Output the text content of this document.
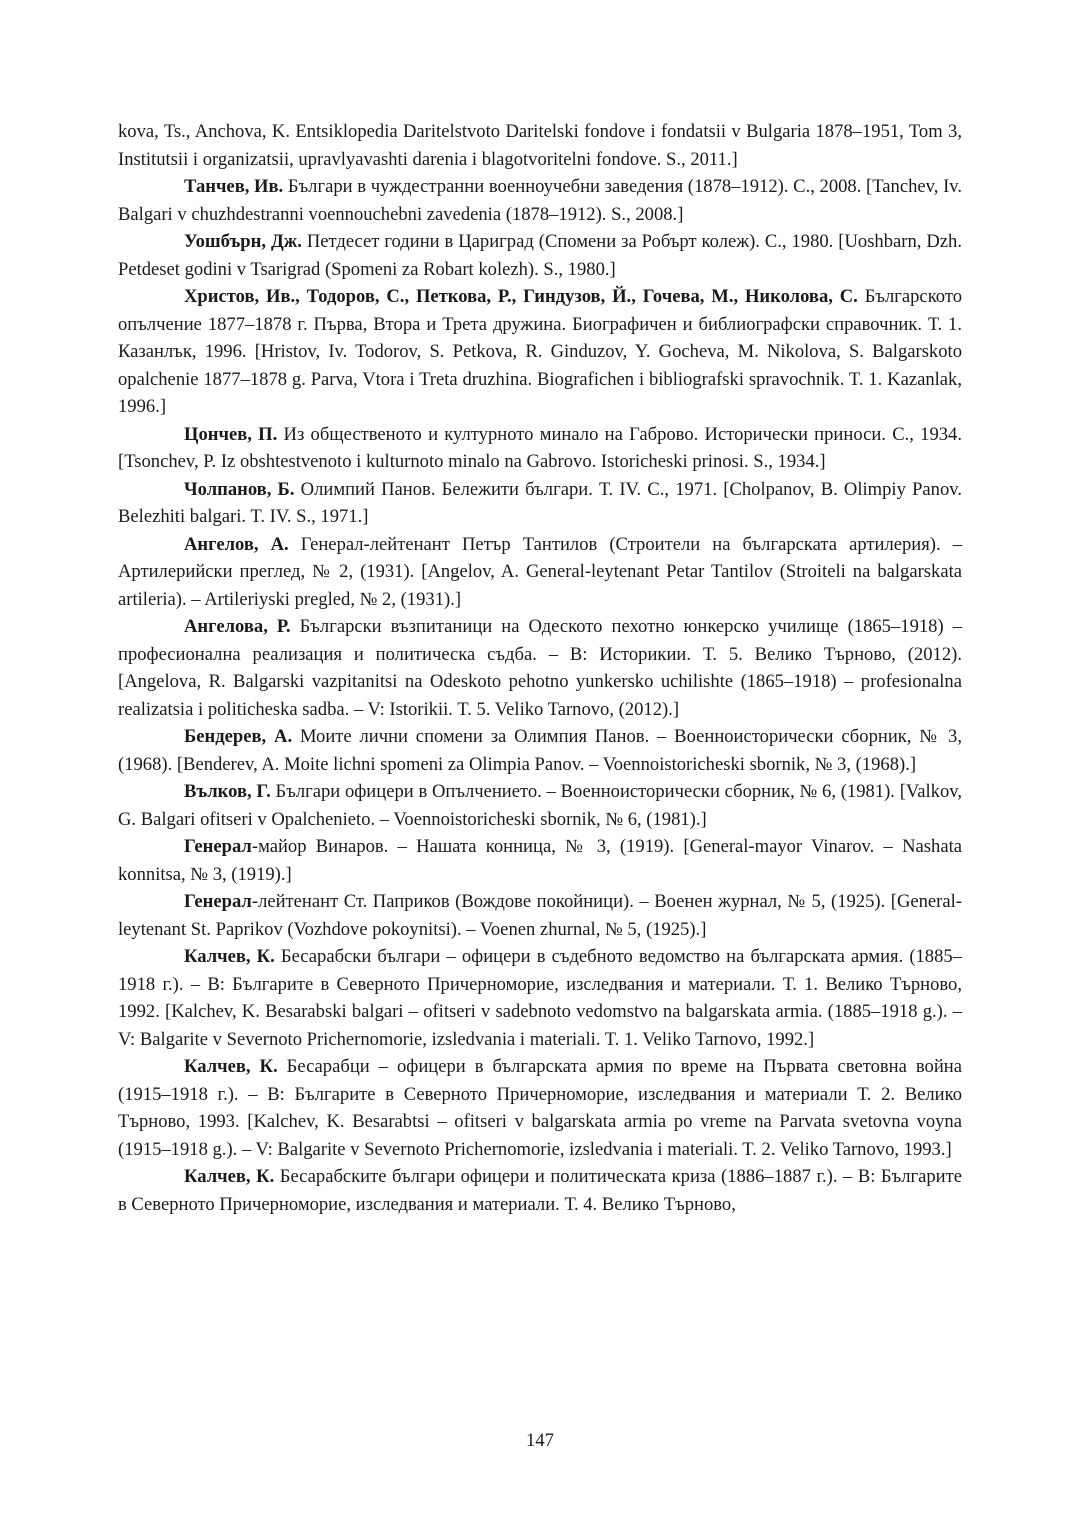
kova, Ts., Anchova, K. Entsiklopedia Daritelstvoto Daritelski fondove i fondatsii v Bulgaria 1878–1951, Tom 3, Institutsii i organizatsii, upravlyavashti darenia i blagotvoritelni fondove. S., 2011.]

Танчев, Ив. Българи в чуждестранни военноучебни заведения (1878–1912). С., 2008. [Tanchev, Iv. Balgari v chuzhdestranni voennouchebni zavedenia (1878–1912). S., 2008.]

Уошбърн, Дж. Петдесет години в Цариград (Спомени за Робърт колеж). С., 1980. [Uoshbarn, Dzh. Petdeset godini v Tsarigrad (Spomeni za Robart kolezh). S., 1980.]

Христов, Ив., Тодоров, С., Петкова, Р., Гиндузов, Й., Гочева, М., Николова, С. Българското опълчение 1877–1878 г. Първа, Втора и Трета дружина. Биографичен и библиографски справочник. Т. 1. Казанлък, 1996. [Hristov, Iv. Todorov, S. Petkova, R. Ginduzov, Y. Gocheva, M. Nikolova, S. Balgarskoto opalchenie 1877–1878 g. Parva, Vtora i Treta druzhina. Biografichen i bibliografski spravochnik. T. 1. Kazanlak, 1996.]

Цончев, П. Из общественото и културното минало на Габрово. Исторически приноси. С., 1934. [Tsonchev, P. Iz obshtestvenoto i kulturnoto minalo na Gabrovo. Istoricheski prinosi. S., 1934.]

Чолпанов, Б. Олимпий Панов. Бележити българи. Т. IV. С., 1971. [Cholpanov, B. Olimpiy Panov. Belezhiti balgari. T. IV. S., 1971.]

Ангелов, А. Генерал-лейтенант Петър Тантилов (Строители на българската артилерия). – Артилерийски преглед, № 2, (1931). [Angelov, A. General-leytenant Petar Tantilov (Stroiteli na balgarskata artileria). – Artileriyski pregled, № 2, (1931).]

Ангелова, Р. Български възпитаници на Одеското пехотно юнкерско училище (1865–1918) – професионална реализация и политическа съдба. – В: Историкии. Т. 5. Велико Търново, (2012). [Angelova, R. Balgarski vazpitanitsi na Odeskoto pehotno yunkersko uchilishte (1865–1918) – profesionalna realizatsia i politicheska sadba. – V: Istorikii. T. 5. Veliko Tarnovo, (2012).]

Бендерев, А. Моите лични спомени за Олимпия Панов. – Военноисторически сборник, № 3, (1968). [Benderev, A. Moite lichni spomeni za Olimpia Panov. – Voennoistoricheski sbornik, № 3, (1968).]

Вълков, Г. Българи офицери в Опълчението. – Военноисторически сборник, № 6, (1981). [Valkov, G. Balgari ofitseri v Opalchenieto. – Voennoistoricheski sbornik, № 6, (1981).]

Генерал-майор Винаров. – Нашата конница, № 3, (1919). [General-mayor Vinarov. – Nashata konnitsa, № 3, (1919).]

Генерал-лейтенант Ст. Паприков (Вождове покойници). – Военен журнал, № 5, (1925). [General-leytenant St. Paprikov (Vozhdove pokoynitsi). – Voenen zhurnal, № 5, (1925).]

Калчев, К. Бесарабски българи – офицери в съдебното ведомство на българската армия. (1885–1918 г.). – В: Българите в Северното Причерноморие, изследвания и материали. Т. 1. Велико Търново, 1992. [Kalchev, K. Besarabski balgari – ofitseri v sadebnoto vedomstvo na balgarskata armia. (1885–1918 g.). – V: Balgarite v Severnoto Prichernomorie, izsledvania i materiali. T. 1. Veliko Tarnovo, 1992.]

Калчев, К. Бесарабци – офицери в българската армия по време на Първата световна война (1915–1918 г.). – В: Българите в Северното Причерноморие, изследвания и материали Т. 2. Велико Търново, 1993. [Kalchev, K. Besarabtsi – ofitseri v balgarskata armia po vreme na Parvata svetovna voyna (1915–1918 g.). – V: Balgarite v Severnoto Prichernomorie, izsledvania i materiali. T. 2. Veliko Tarnovo, 1993.]

Калчев, К. Бесарабските българи офицери и политическата криза (1886–1887 г.). – В: Българите в Северното Причерноморие, изследвания и материали. Т. 4. Велико Търново,

147
